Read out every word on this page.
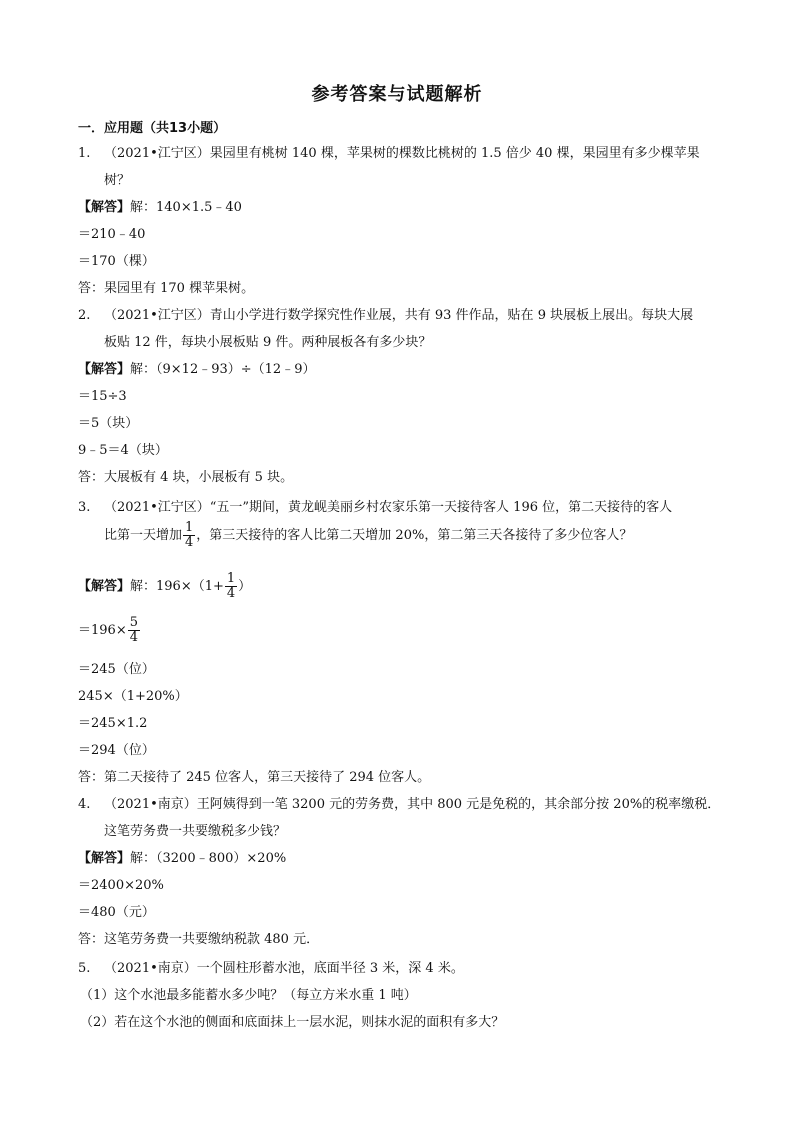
参考答案与试题解析
一．应用题（共13小题）
1. （2021•江宁区）果园里有桃树 140 棵，苹果树的棵数比桃树的 1.5 倍少 40 棵，果园里有多少棵苹果
树？
【解答】解：140×1.5﹣40
＝210﹣40
＝170（棵）
答：果园里有 170 棵苹果树。
2. （2021•江宁区）青山小学进行数学探究性作业展，共有 93 件作品，贴在 9 块展板上展出。每块大展
板贴 12 件，每块小展板贴 9 件。两种展板各有多少块？
【解答】解：（9×12﹣93）÷（12﹣9）
＝15÷3
＝5（块）
9﹣5＝4（块）
答：大展板有 4 块，小展板有 5 块。
3. （2021•江宁区）“五一”期间，黄龙岘美丽乡村农家乐第一天接待客人 196 位，第二天接待的客人
比第一天增加 $\frac{1}{4}$ ，第三天接待的客人比第二天增加 20%，第二第三天各接待了多少位客人？
【解答】解：$196\times(1+ \frac{1}{4}$ ）
$=196\times \frac{5}{4}$
＝245（位）
245×（1+20%）
＝245×1.2
＝294（位）
答：第二天接待了 245 位客人，第三天接待了 294 位客人。
4. （2021•南京）王阿姨得到一笔 3200 元的劳务费，其中 800 元是免税的，其余部分按 20%的税率缴税．
这笔劳务费一共要缴税多少钱？
【解答】解：（3200﹣800）×20%
＝2400×20%
＝480（元）
答：这笔劳务费一共要缴纳税款 480 元．
5. （2021•南京）一个圆柱形蓄水池，底面半径 3 米，深 4 米。
（1）这个水池最多能蓄水多少吨？（每立方米水重 1 吨）
（2）若在这个水池的侧面和底面抹上一层水泥，则抹水泥的面积有多大？
